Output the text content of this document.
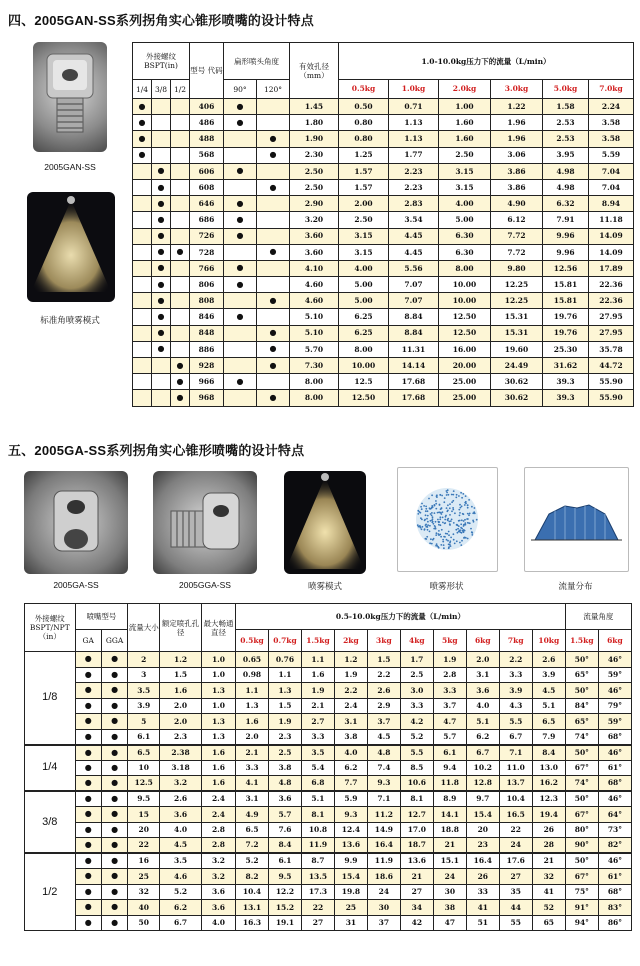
四、2005GAN-SS系列拐角实心锥形喷嘴的设计特点
2005GAN-SS
标准角喷雾模式
外接螺纹
BSPT(in)			型号 代码	扁形喷头角度		有效孔径
（mm）	1.0-10.0kg压力下的流量（L/min）					
1/4	3/8	1/2		90°	120°		0.5kg	1.0kg	2.0kg	3.0kg	5.0kg	7.0kg
●			406	●		1.45	0.50	0.71	1.00	1.22	1.58	2.24
●			486	●		1.80	0.80	1.13	1.60	1.96	2.53	3.58
●			488		●	1.90	0.80	1.13	1.60	1.96	2.53	3.58
●			568		●	2.30	1.25	1.77	2.50	3.06	3.95	5.59
	●		606	●		2.50	1.57	2.23	3.15	3.86	4.98	7.04
	●		608		●	2.50	1.57	2.23	3.15	3.86	4.98	7.04
	●		646	●		2.90	2.00	2.83	4.00	4.90	6.32	8.94
	●		686	●		3.20	2.50	3.54	5.00	6.12	7.91	11.18
	●		726	●		3.60	3.15	4.45	6.30	7.72	9.96	14.09
	●	●	728		●	3.60	3.15	4.45	6.30	7.72	9.96	14.09
	●		766	●		4.10	4.00	5.56	8.00	9.80	12.56	17.89
	●		806	●		4.60	5.00	7.07	10.00	12.25	15.81	22.36
	●		808		●	4.60	5.00	7.07	10.00	12.25	15.81	22.36
	●		846	●		5.10	6.25	8.84	12.50	15.31	19.76	27.95
	●		848		●	5.10	6.25	8.84	12.50	15.31	19.76	27.95
	●		886		●	5.70	8.00	11.31	16.00	19.60	25.30	35.78
		●	928		●	7.30	10.00	14.14	20.00	24.49	31.62	44.72
		●	966	●		8.00	12.5	17.68	25.00	30.62	39.3	55.90
		●	968		●	8.00	12.50	17.68	25.00	30.62	39.3	55.90
五、2005GA-SS系列拐角实心锥形喷嘴的设计特点
2005GA-SS	2005GGA-SS	喷雾模式	喷雾形状	流量分布
外接螺纹
BSPT/NPT
（in）	喷嘴型号		流量大小	额定喷孔孔径	最大畅通直径	0.5-10.0kg压力下的流量（L/min）										流量角度	
	GA	GGA				0.5kg	0.7kg	1.5kg	2kg	3kg	4kg	5kg	6kg	7kg	10kg	1.5kg	6kg
1/8	●	●	2	1.2	1.0	0.65	0.76	1.1	1.2	1.5	1.7	1.9	2.0	2.2	2.6	50°	46°
	●	●	3	1.5	1.0	0.98	1.1	1.6	1.9	2.2	2.5	2.8	3.1	3.3	3.9	65°	59°
	●	●	3.5	1.6	1.3	1.1	1.3	1.9	2.2	2.6	3.0	3.3	3.6	3.9	4.5	50°	46°
	●	●	3.9	2.0	1.0	1.3	1.5	2.1	2.4	2.9	3.3	3.7	4.0	4.3	5.1	84°	79°
	●	●	5	2.0	1.3	1.6	1.9	2.7	3.1	3.7	4.2	4.7	5.1	5.5	6.5	65°	59°
	●	●	6.1	2.3	1.3	2.0	2.3	3.3	3.8	4.5	5.2	5.7	6.2	6.7	7.9	74°	68°
1/4	●	●	6.5	2.38	1.6	2.1	2.5	3.5	4.0	4.8	5.5	6.1	6.7	7.1	8.4	50°	46°
	●	●	10	3.18	1.6	3.3	3.8	5.4	6.2	7.4	8.5	9.4	10.2	11.0	13.0	67°	61°
	●	●	12.5	3.2	1.6	4.1	4.8	6.8	7.7	9.3	10.6	11.8	12.8	13.7	16.2	74°	68°
3/8	●	●	9.5	2.6	2.4	3.1	3.6	5.1	5.9	7.1	8.1	8.9	9.7	10.4	12.3	50°	46°
	●	●	15	3.6	2.4	4.9	5.7	8.1	9.3	11.2	12.7	14.1	15.4	16.5	19.4	67°	64°
	●	●	20	4.0	2.8	6.5	7.6	10.8	12.4	14.9	17.0	18.8	20	22	26	80°	73°
	●	●	22	4.5	2.8	7.2	8.4	11.9	13.6	16.4	18.7	21	23	24	28	90°	82°
1/2	●	●	16	3.5	3.2	5.2	6.1	8.7	9.9	11.9	13.6	15.1	16.4	17.6	21	50°	46°
	●	●	25	4.6	3.2	8.2	9.5	13.5	15.4	18.6	21	24	26	27	32	67°	61°
	●	●	32	5.2	3.6	10.4	12.2	17.3	19.8	24	27	30	33	35	41	75°	68°
	●	●	40	6.2	3.6	13.1	15.2	22	25	30	34	38	41	44	52	91°	83°
	●	●	50	6.7	4.0	16.3	19.1	27	31	37	42	47	51	55	65	94°	86°
